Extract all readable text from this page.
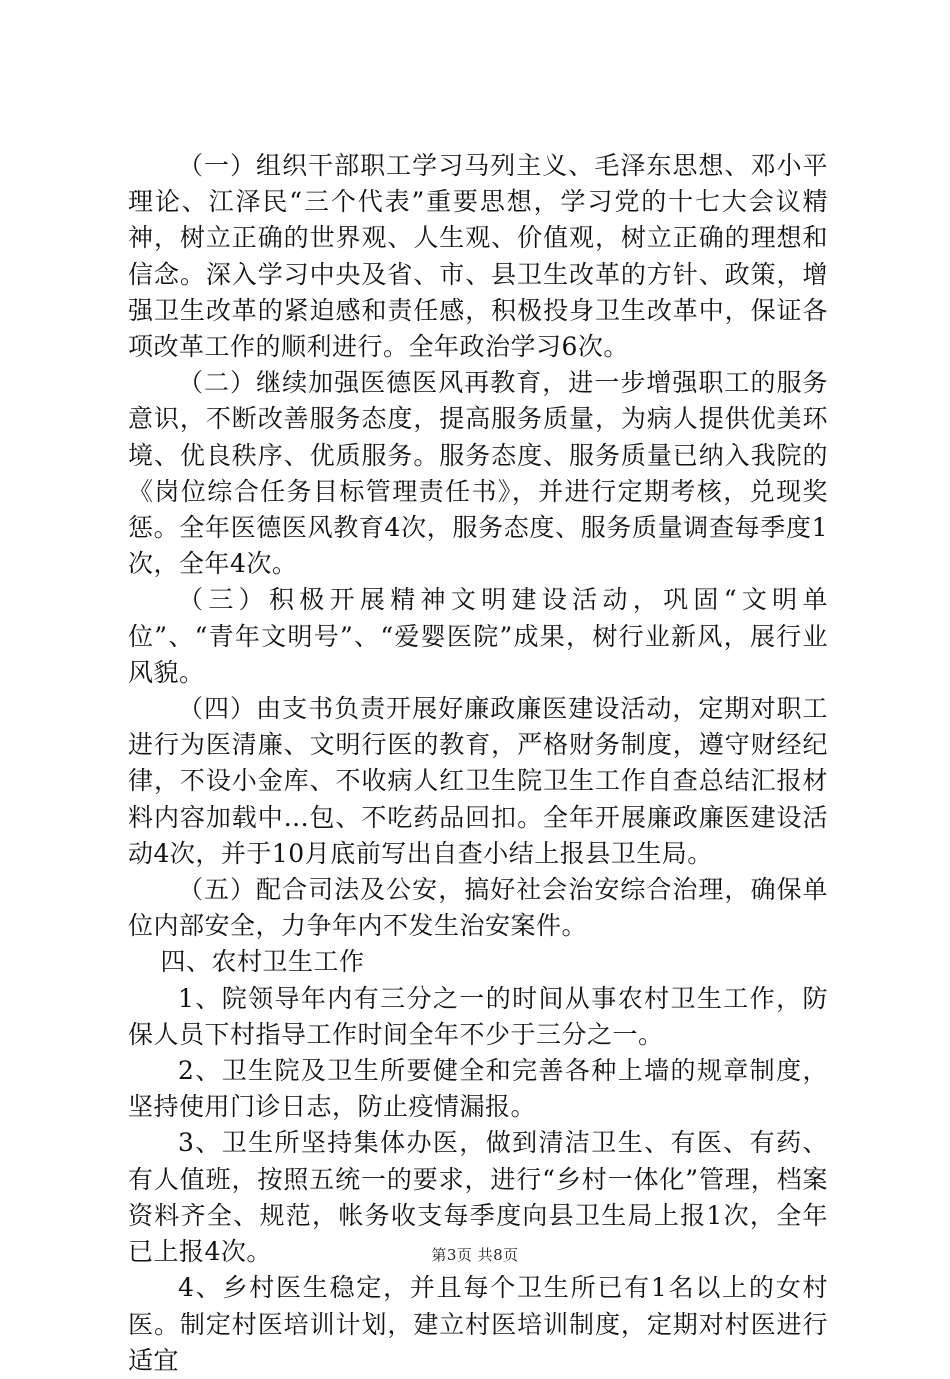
（一）组织干部职工学习马列主义、毛泽东思想、邓小平理论、江泽民“三个代表”重要思想，学习党的十七大会议精神，树立正确的世界观、人生观、价值观，树立正确的理想和信念。深入学习中央及省、市、县卫生改革的方针、政策，增强卫生改革的紧迫感和责任感，积极投身卫生改革中，保证各项改革工作的顺利进行。全年政治学习6次。

（二）继续加强医德医风再教育，进一步增强职工的服务意识，不断改善服务态度，提高服务质量，为病人提供优美环境、优良秩序、优质服务。服务态度、服务质量已纳入我院的《岗位综合任务目标管理责任书》，并进行定期考核，兑现奖惩。全年医德医风教育4次，服务态度、服务质量调查每季度1次，全年4次。

（三）积极开展精神文明建设活动，巩固“文明单位”、“青年文明号”、“爱婴医院”成果，树行业新风，展行业风貌。

（四）由支书负责开展好廉政廉医建设活动，定期对职工进行为医清廉、文明行医的教育，严格财务制度，遵守财经纪律，不设小金库、不收病人红卫生院卫生工作自查总结汇报材料内容加载中...包、不吃药品回扣。全年开展廉政廉医建设活动4次，并于10月底前写出自查小结上报县卫生局。

（五）配合司法及公安，搞好社会治安综合治理，确保单位内部安全，力争年内不发生治安案件。

四、农村卫生工作

1、院领导年内有三分之一的时间从事农村卫生工作，防保人员下村指导工作时间全年不少于三分之一。

2、卫生院及卫生所要健全和完善各种上墙的规章制度，坚持使用门诊日志，防止疫情漏报。

3、卫生所坚持集体办医，做到清洁卫生、有医、有药、有人值班，按照五统一的要求，进行“乡村一体化”管理，档案资料齐全、规范，帐务收支每季度向县卫生局上报1次，全年已上报4次。

4、乡村医生稳定，并且每个卫生所已有1名以上的女村医。制定村医培训计划，建立村医培训制度，定期对村医进行适宜

第3页 共8页
